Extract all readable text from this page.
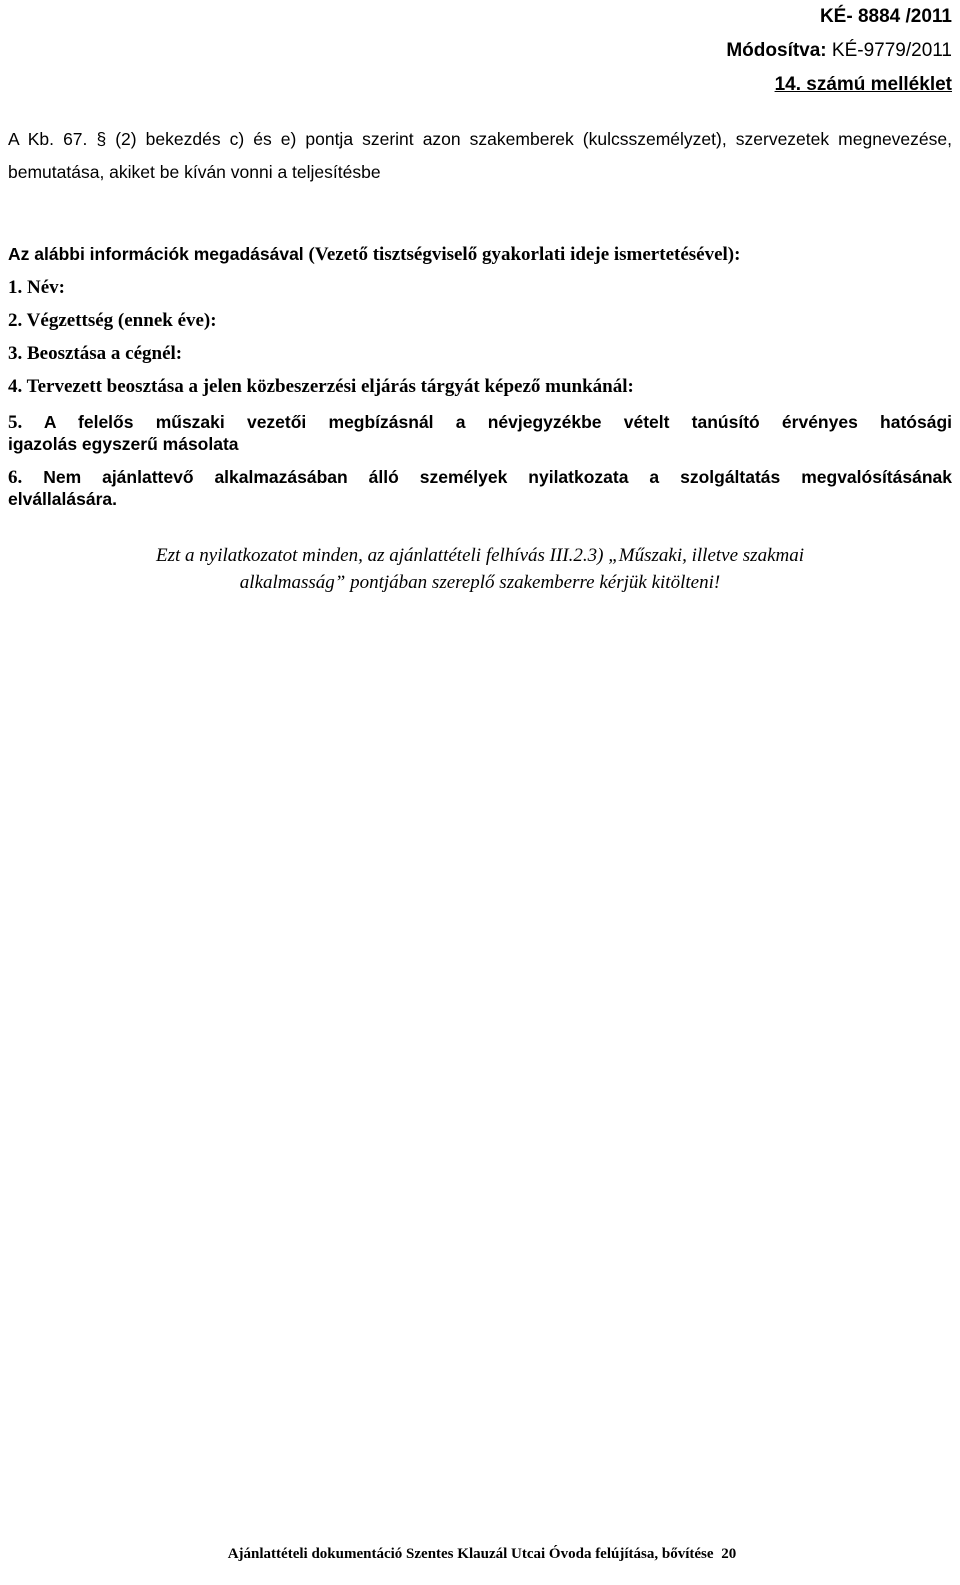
KÉ- 8884 /2011
Módosítva: KÉ-9779/2011
14. számú melléklet
A Kb. 67. § (2) bekezdés c) és e) pontja szerint azon szakemberek (kulcsszemélyzet), szervezetek megnevezése, bemutatása, akiket be kíván vonni a teljesítésbe
Az alábbi információk megadásával (Vezető tisztségviselő gyakorlati ideje ismertetésével):
1. Név:
2. Végzettség (ennek éve):
3. Beosztása a cégnél:
4. Tervezett beosztása a jelen közbeszerzési eljárás tárgyát képező munkánál:
5. A felelős műszaki vezetői megbízásnál a névjegyzékbe vételt tanúsító érvényes hatósági
igazolás egyszerű másolata
6. Nem ajánlattevő alkalmazásában álló személyek nyilatkozata a szolgáltatás megvalósításának
elvállalására.
Ezt a nyilatkozatot minden, az ajánlattételi felhívás III.2.3) „Műszaki, illetve szakmai
alkalmasság” pontjában szereplő szakemberre kérjük kitölteni!
Ajánlattételi dokumentáció Szentes Klauzál Utcai Óvoda felújítása, bővítése 20
